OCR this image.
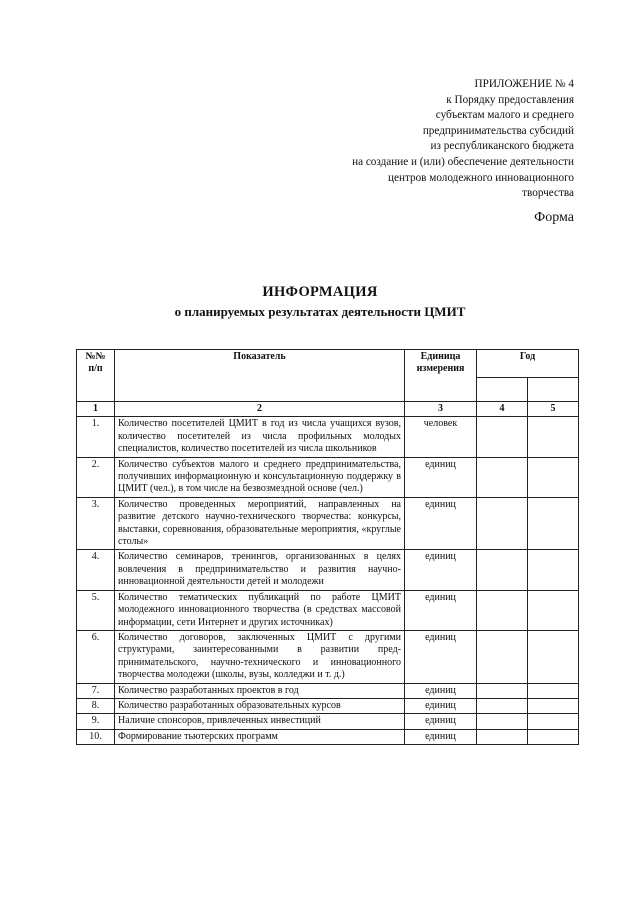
ПРИЛОЖЕНИЕ № 4
к Порядку предоставления
субъектам малого и среднего
предпринимательства субсидий
из республиканского бюджета
на создание и (или) обеспечение деятельности
центров молодежного инновационного
творчества
Форма
ИНФОРМАЦИЯ
о планируемых результатах деятельности ЦМИТ
№№ п/п	Показатель	Единица измерения	Год	

1	2	3	4	5
1.	Количество посетителей ЦМИТ в год из числа учащихся вузов, количество посетителей из числа профильных молодых специалистов, количество посетителей из числа школьников	человек		
2.	Количество субъектов малого и среднего предпринимательства, получивших информационную и консультационную поддержку в ЦМИТ (чел.), в том числе на безвозмездной основе (чел.)	единиц		
3.	Количество проведенных мероприятий, направленных на развитие детского научно-технического творчества: конкурсы, выставки, соревнования, образовательные мероприятия, «круглые столы»	единиц		
4.	Количество семинаров, тренингов, организованных в целях вовлечения в предпринимательство и развития научно-инновационной деятельности детей и молодежи	единиц		
5.	Количество тематических публикаций по работе ЦМИТ молодежного инновационного творчества (в средствах массовой информации, сети Интернет и других источниках)	единиц		
6.	Количество договоров, заключенных ЦМИТ с другими структурами, заинтересованными в развитии предпринимательского, научно-технического и инновационного творчества молодежи (школы, вузы, колледжи и т. д.)	единиц		
7.	Количество разработанных проектов в год	единиц		
8.	Количество разработанных образовательных курсов	единиц		
9.	Наличие спонсоров, привлеченных инвестиций	единиц		
10.	Формирование тьютерских программ	единиц		
